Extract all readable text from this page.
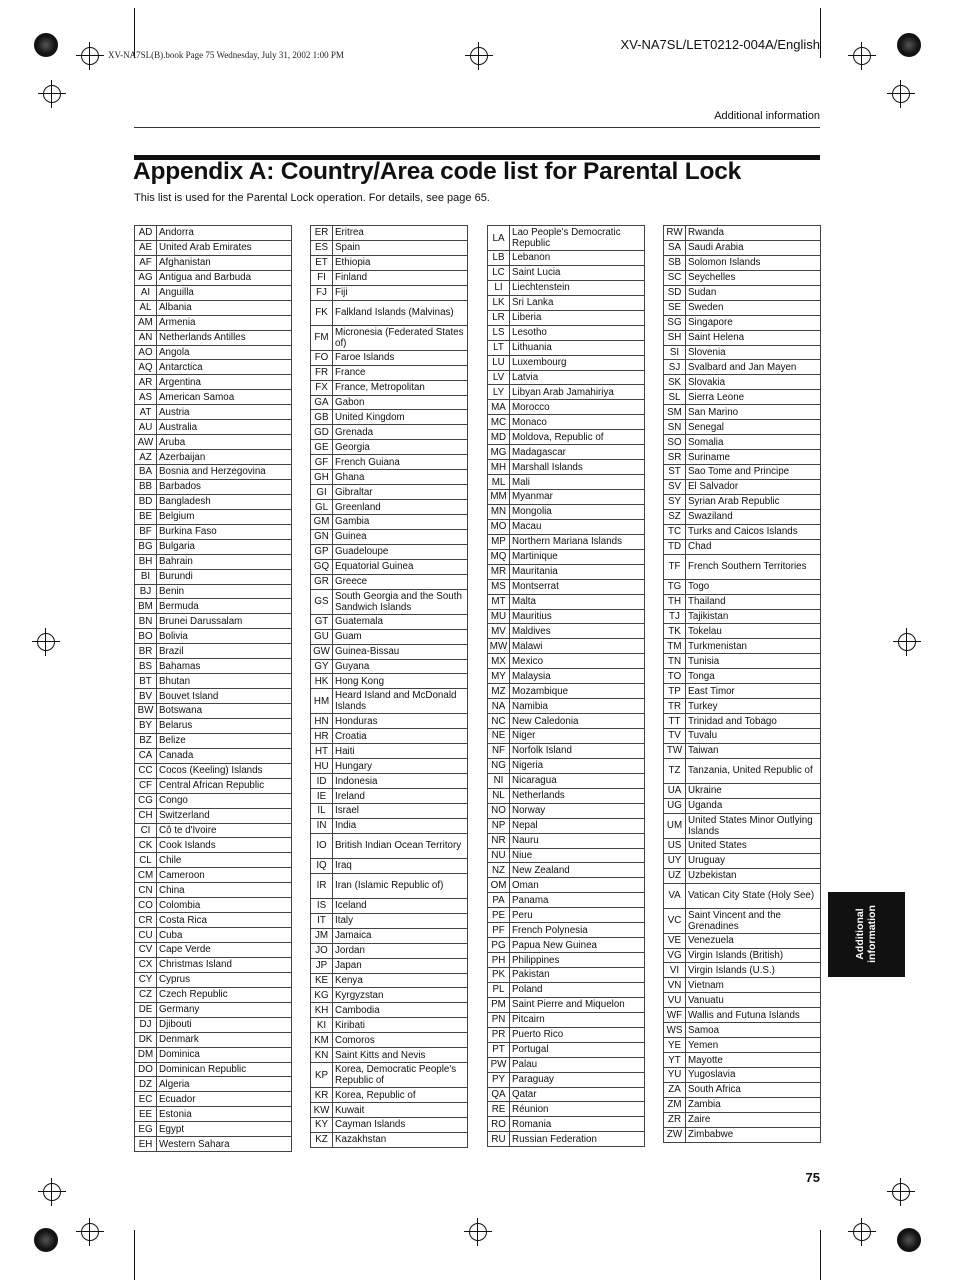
XV-NA7SL(B).book Page 75 Wednesday, July 31, 2002 1:00 PM
XV-NA7SL/LET0212-004A/English
Additional information
Appendix A: Country/Area code list for Parental Lock
This list is used for the Parental Lock operation. For details, see page 65.
AD	Andorra
AE	United Arab Emirates
AF	Afghanistan
AG	Antigua and Barbuda
AI	Anguilla
AL	Albania
AM	Armenia
AN	Netherlands Antilles
AO	Angola
AQ	Antarctica
AR	Argentina
AS	American Samoa
AT	Austria
AU	Australia
AW	Aruba
AZ	Azerbaijan
BA	Bosnia and Herzegovina
BB	Barbados
BD	Bangladesh
BE	Belgium
BF	Burkina Faso
BG	Bulgaria
BH	Bahrain
BI	Burundi
BJ	Benin
BM	Bermuda
BN	Brunei Darussalam
BO	Bolivia
BR	Brazil
BS	Bahamas
BT	Bhutan
BV	Bouvet Island
BW	Botswana
BY	Belarus
BZ	Belize
CA	Canada
CC	Cocos (Keeling) Islands
CF	Central African Republic
CG	Congo
CH	Switzerland
CI	Cô te d'Ivoire
CK	Cook Islands
CL	Chile
CM	Cameroon
CN	China
CO	Colombia
CR	Costa Rica
CU	Cuba
CV	Cape Verde
CX	Christmas Island
CY	Cyprus
CZ	Czech Republic
DE	Germany
DJ	Djibouti
DK	Denmark
DM	Dominica
DO	Dominican Republic
DZ	Algeria
EC	Ecuador
EE	Estonia
EG	Egypt
EH	Western Sahara
ER	Eritrea
ES	Spain
ET	Ethiopia
FI	Finland
FJ	Fiji
FK	Falkland Islands (Malvinas)
FM	Micronesia (Federated States of)
FO	Faroe Islands
FR	France
FX	France, Metropolitan
GA	Gabon
GB	United Kingdom
GD	Grenada
GE	Georgia
GF	French Guiana
GH	Ghana
GI	Gibraltar
GL	Greenland
GM	Gambia
GN	Guinea
GP	Guadeloupe
GQ	Equatorial Guinea
GR	Greece
GS	South Georgia and the South Sandwich Islands
GT	Guatemala
GU	Guam
GW	Guinea-Bissau
GY	Guyana
HK	Hong Kong
HM	Heard Island and McDonald Islands
HN	Honduras
HR	Croatia
HT	Haiti
HU	Hungary
ID	Indonesia
IE	Ireland
IL	Israel
IN	India
IO	British Indian Ocean Territory
IQ	Iraq
IR	Iran (Islamic Republic of)
IS	Iceland
IT	Italy
JM	Jamaica
JO	Jordan
JP	Japan
KE	Kenya
KG	Kyrgyzstan
KH	Cambodia
KI	Kiribati
KM	Comoros
KN	Saint Kitts and Nevis
KP	Korea, Democratic People's Republic of
KR	Korea, Republic of
KW	Kuwait
KY	Cayman Islands
KZ	Kazakhstan
LA	Lao People's Democratic Republic
LB	Lebanon
LC	Saint Lucia
LI	Liechtenstein
LK	Sri Lanka
LR	Liberia
LS	Lesotho
LT	Lithuania
LU	Luxembourg
LV	Latvia
LY	Libyan Arab Jamahiriya
MA	Morocco
MC	Monaco
MD	Moldova, Republic of
MG	Madagascar
MH	Marshall Islands
ML	Mali
MM	Myanmar
MN	Mongolia
MO	Macau
MP	Northern Mariana Islands
MQ	Martinique
MR	Mauritania
MS	Montserrat
MT	Malta
MU	Mauritius
MV	Maldives
MW	Malawi
MX	Mexico
MY	Malaysia
MZ	Mozambique
NA	Namibia
NC	New Caledonia
NE	Niger
NF	Norfolk Island
NG	Nigeria
NI	Nicaragua
NL	Netherlands
NO	Norway
NP	Nepal
NR	Nauru
NU	Niue
NZ	New Zealand
OM	Oman
PA	Panama
PE	Peru
PF	French Polynesia
PG	Papua New Guinea
PH	Philippines
PK	Pakistan
PL	Poland
PM	Saint Pierre and Miquelon
PN	Pitcairn
PR	Puerto Rico
PT	Portugal
PW	Palau
PY	Paraguay
QA	Qatar
RE	Réunion
RO	Romania
RU	Russian Federation
RW	Rwanda
SA	Saudi Arabia
SB	Solomon Islands
SC	Seychelles
SD	Sudan
SE	Sweden
SG	Singapore
SH	Saint Helena
SI	Slovenia
SJ	Svalbard and Jan Mayen
SK	Slovakia
SL	Sierra Leone
SM	San Marino
SN	Senegal
SO	Somalia
SR	Suriname
ST	Sao Tome and Principe
SV	El Salvador
SY	Syrian Arab Republic
SZ	Swaziland
TC	Turks and Caicos Islands
TD	Chad
TF	French Southern Territories
TG	Togo
TH	Thailand
TJ	Tajikistan
TK	Tokelau
TM	Turkmenistan
TN	Tunisia
TO	Tonga
TP	East Timor
TR	Turkey
TT	Trinidad and Tobago
TV	Tuvalu
TW	Taiwan
TZ	Tanzania, United Republic of
UA	Ukraine
UG	Uganda
UM	United States Minor Outlying Islands
US	United States
UY	Uruguay
UZ	Uzbekistan
VA	Vatican City State (Holy See)
VC	Saint Vincent and the Grenadines
VE	Venezuela
VG	Virgin Islands (British)
VI	Virgin Islands (U.S.)
VN	Vietnam
VU	Vanuatu
WF	Wallis and Futuna Islands
WS	Samoa
YE	Yemen
YT	Mayotte
YU	Yugoslavia
ZA	South Africa
ZM	Zambia
ZR	Zaire
ZW	Zimbabwe
Additional information
75
